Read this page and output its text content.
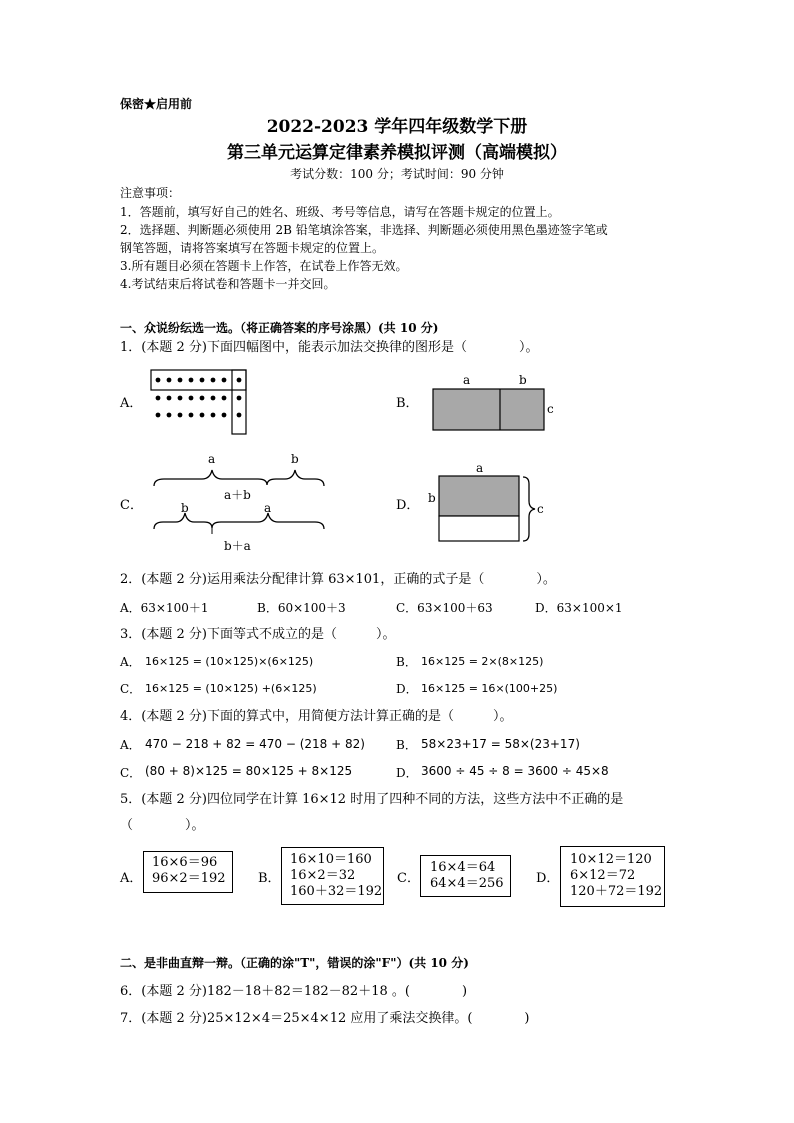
保密★启用前
2022-2023 学年四年级数学下册
第三单元运算定律素养模拟评测（高端模拟）
考试分数：100 分；考试时间：90 分钟
注意事项：
1．答题前，填写好自己的姓名、班级、考号等信息，请写在答题卡规定的位置上。
2．选择题、判断题必须使用 2B 铅笔填涂答案，非选择、判断题必须使用黑色墨迹签字笔或
钢笔答题，请将答案填写在答题卡规定的位置上。
3.所有题目必须在答题卡上作答，在试卷上作答无效。
4.考试结束后将试卷和答题卡一并交回。
一、众说纷纭选一选。（将正确答案的序号涂黑）(共 10 分)
1．(本题 2 分)下面四幅图中，能表示加法交换律的图形是（　　　　）。
A．	B．
a	b
c
C．
a	b
a＋b
b	a
b＋a
D．
a
b
c
2．(本题 2 分)运用乘法分配律计算 63×101，正确的式子是（　　　　）。
A．63×100＋1	B．60×100＋3	C．63×100＋63	D．63×100×1
3．(本题 2 分)下面等式不成立的是（　　　）。
A． 16×125 = (10×125)×(6×125)	B． 16×125 = 2×(8×125)
C． 16×125 = (10×125) +(6×125)	D． 16×125 = 16×(100+25)
4．(本题 2 分)下面的算式中，用简便方法计算正确的是（　　　）。
A． 470 − 218 + 82 = 470 − (218 + 82)	B． 58×23+17 = 58×(23+17)
C． (80 + 8)×125 = 80×125 + 8×125	D． 3600 ÷ 45 ÷ 8 = 3600 ÷ 45×8
5．(本题 2 分)四位同学在计算 16×12 时用了四种不同的方法，这些方法中不正确的是
（　　　　）。
A．
16×6＝96
96×2＝192	B．
16×10＝160
16×2＝32
160＋32＝192
C．
16×4＝64
64×4＝256	D．
10×12＝120
6×12＝72
120＋72＝192
二、是非曲直辩一辩。（正确的涂"T"，错误的涂"F"）(共 10 分)
6．(本题 2 分)182－18＋82＝182－82＋18 。(　　　　)
7．(本题 2 分)25×12×4＝25×4×12 应用了乘法交换律。(　　　　)
